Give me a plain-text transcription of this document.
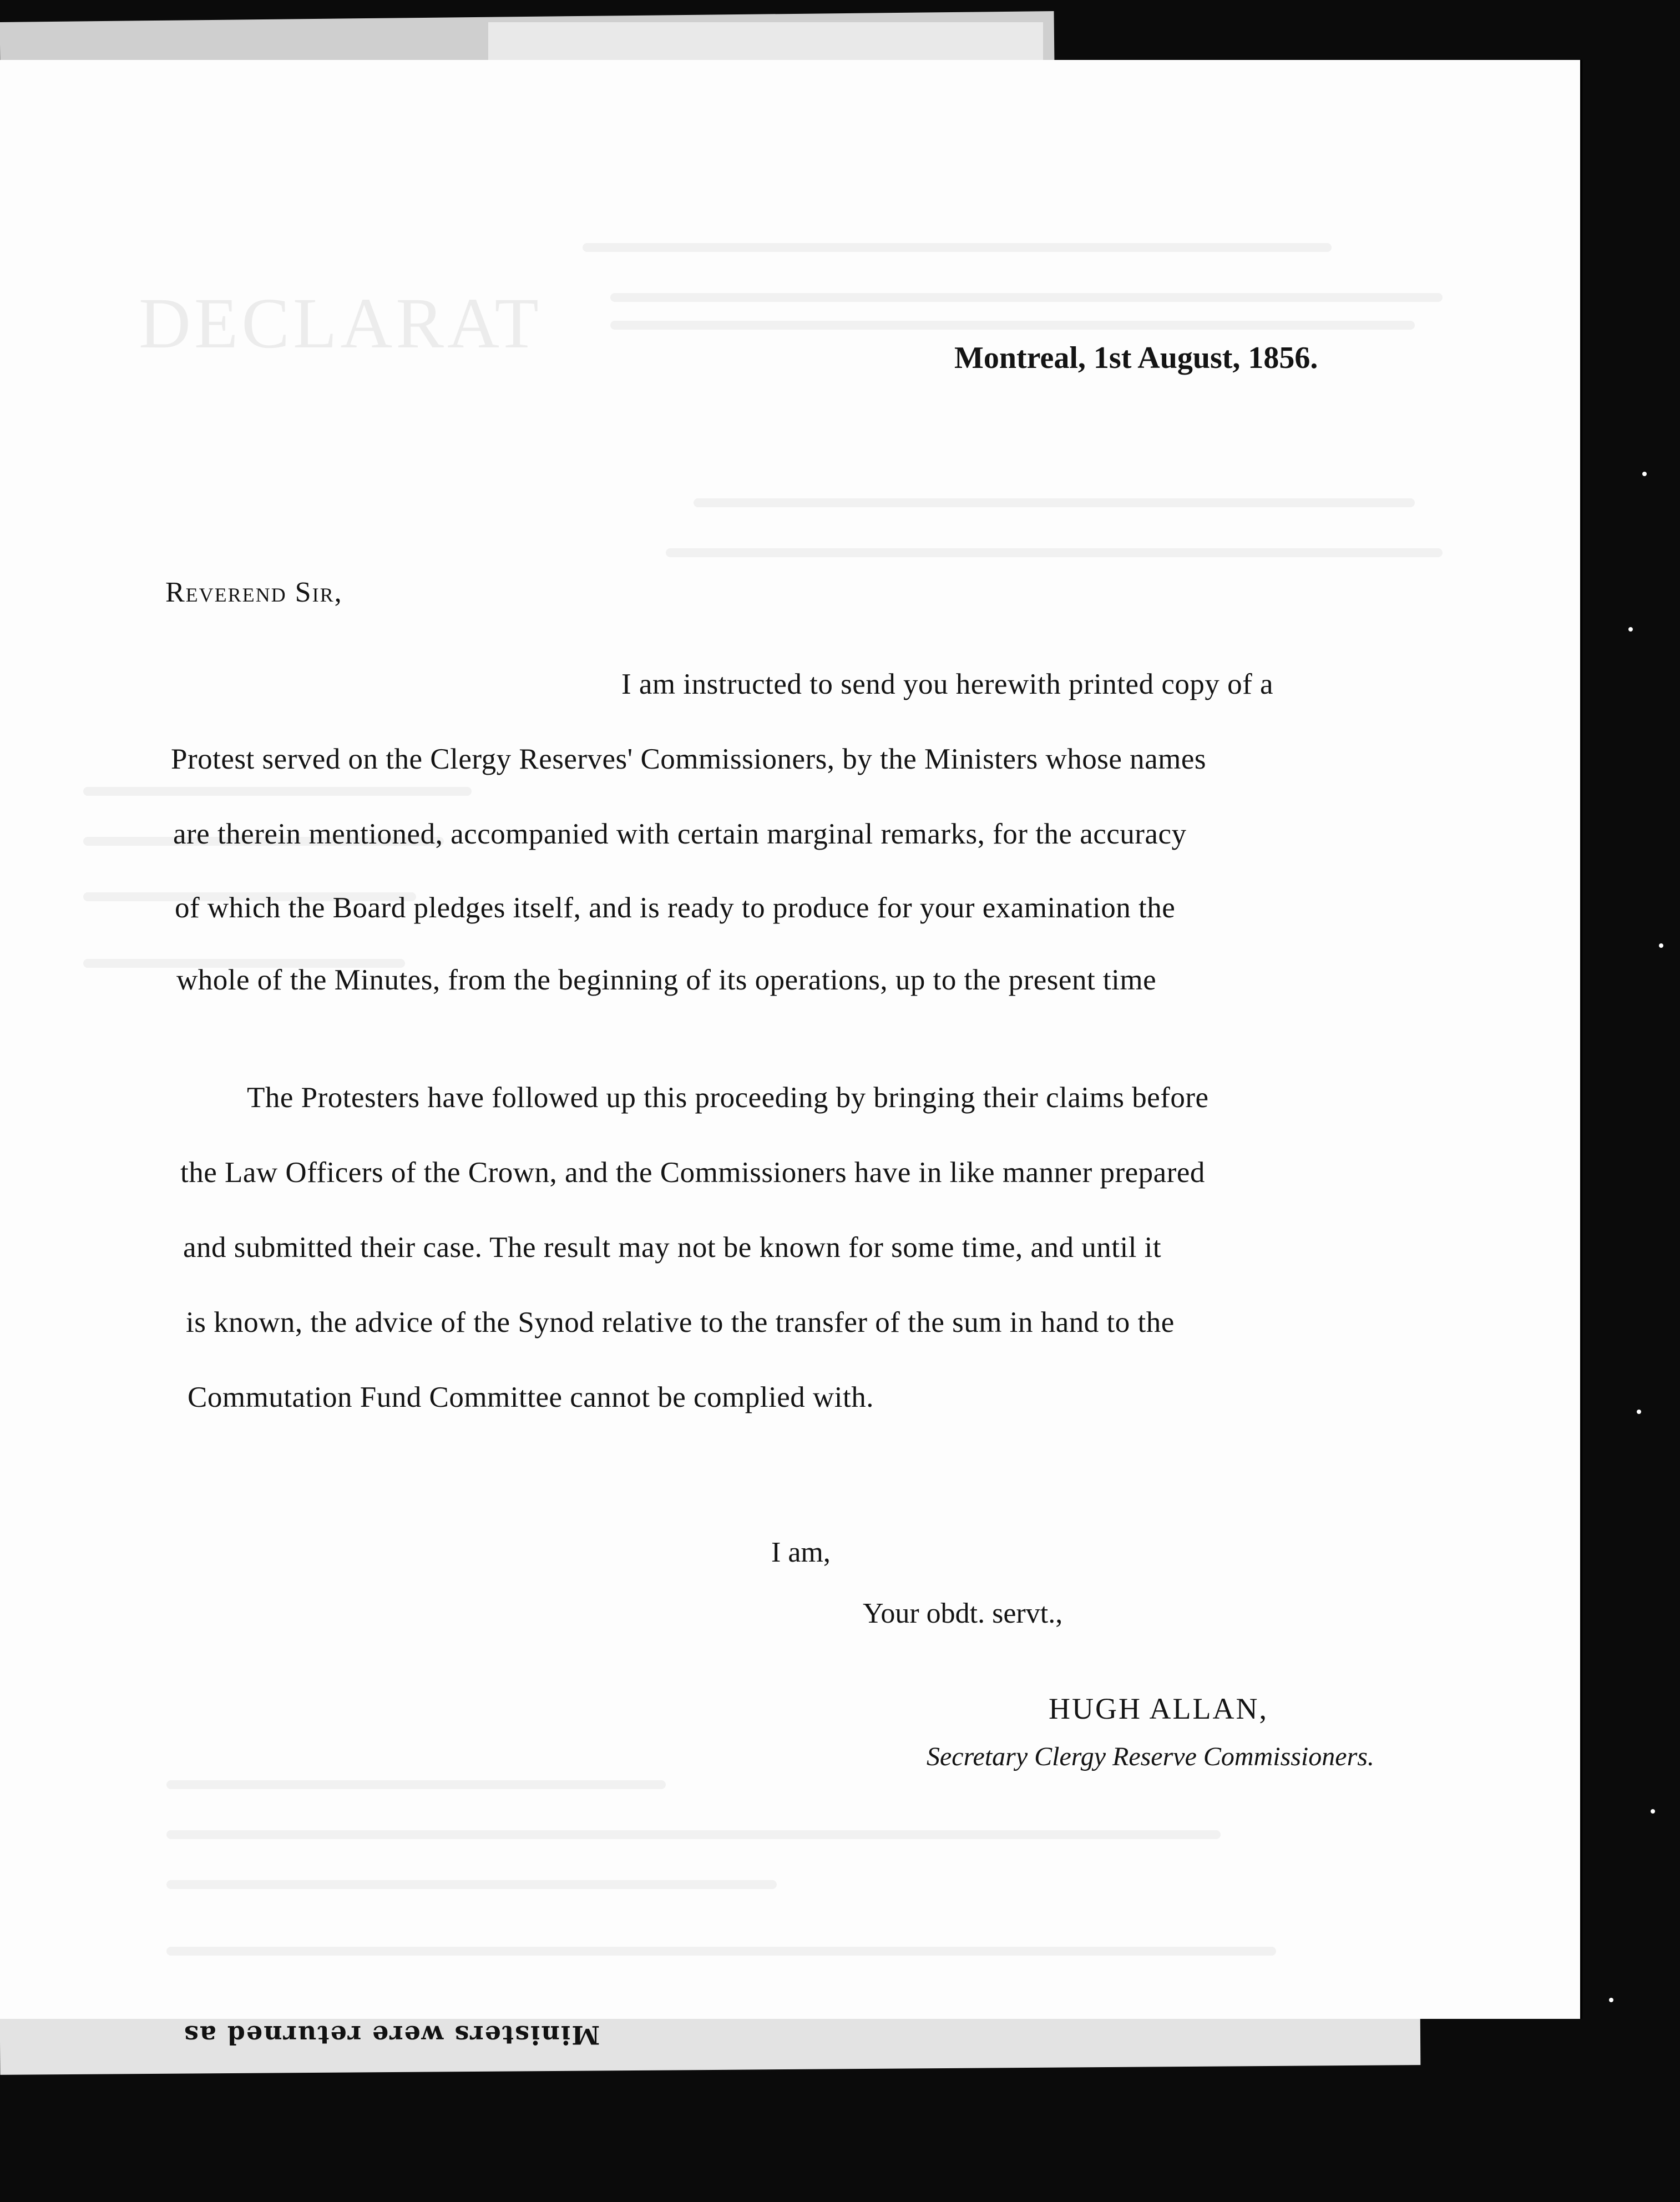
Ministers were returned as
DECLARAT	Montreal, 1st August, 1856.
Reverend Sir,
I am instructed to send you herewith printed copy of a
Protest served on the Clergy Reserves' Commissioners, by the Ministers whose names
are therein mentioned, accompanied with certain marginal remarks, for the accuracy
of which the Board pledges itself, and is ready to produce for your examination the
whole of the Minutes, from the beginning of its operations, up to the present time
The Protesters have followed up this proceeding by bringing their claims before
the Law Officers of the Crown, and the Commissioners have in like manner prepared
and submitted their case. The result may not be known for some time, and until it
is known, the advice of the Synod relative to the transfer of the sum in hand to the
Commutation Fund Committee cannot be complied with.
I am,
Your obdt. servt.,
HUGH ALLAN,
Secretary Clergy Reserve Commissioners.
